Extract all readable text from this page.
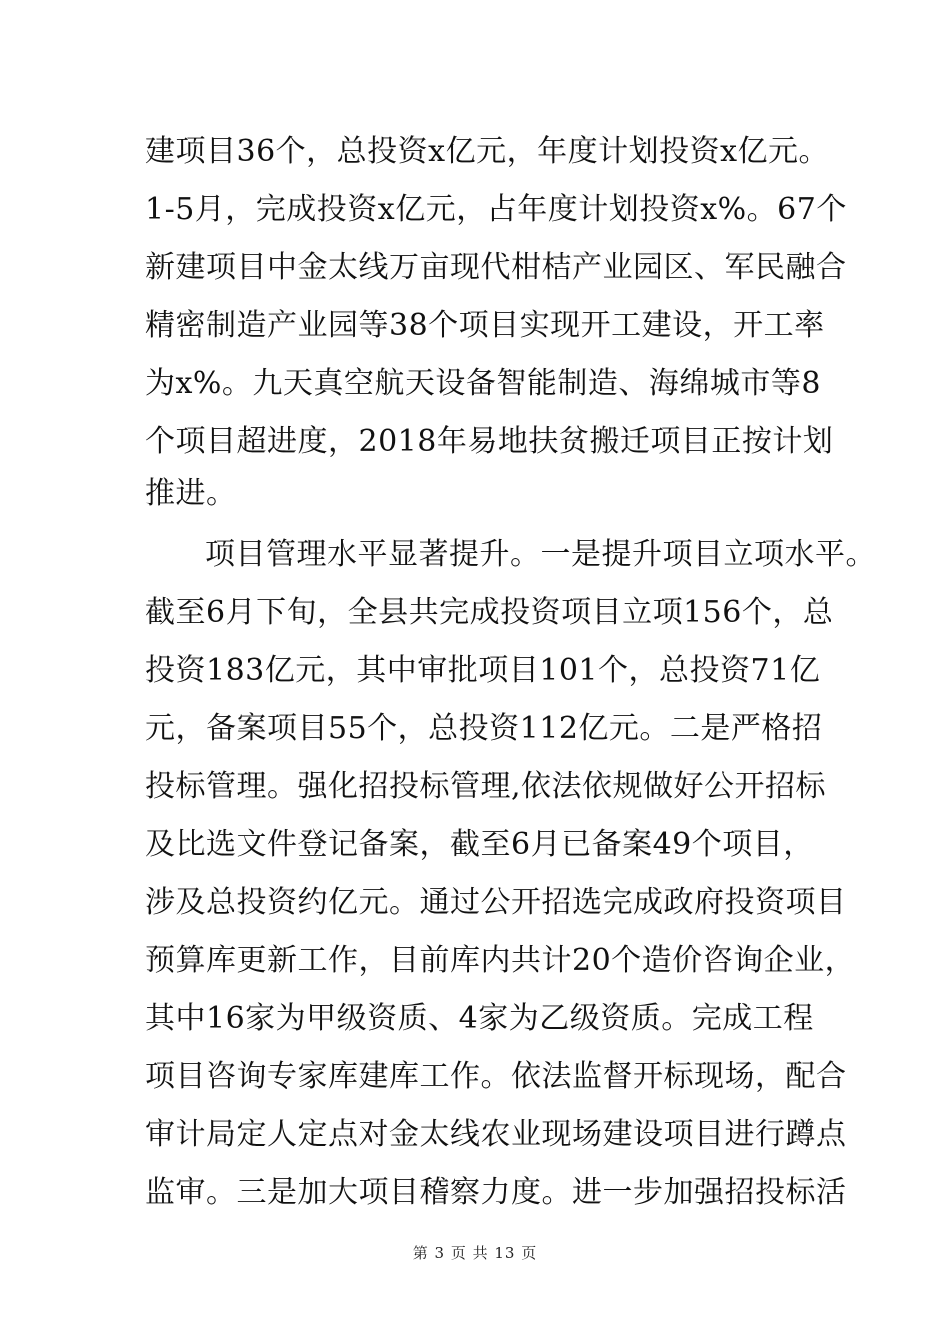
建项目36个，总投资x亿元，年度计划投资x亿元。
1-5月，完成投资x亿元，占年度计划投资x%。67个
新建项目中金太线万亩现代柑桔产业园区、军民融合
精密制造产业园等38个项目实现开工建设，开工率
为x%。九天真空航天设备智能制造、海绵城市等8
个项目超进度，2018年易地扶贫搬迁项目正按计划
推进。
项目管理水平显著提升。一是提升项目立项水平。
截至6月下旬，全县共完成投资项目立项156个，总
投资183亿元，其中审批项目101个，总投资71亿
元，备案项目55个，总投资112亿元。二是严格招
投标管理。强化招投标管理,依法依规做好公开招标
及比选文件登记备案，截至6月已备案49个项目，
涉及总投资约亿元。通过公开招选完成政府投资项目
预算库更新工作，目前库内共计20个造价咨询企业，
其中16家为甲级资质、4家为乙级资质。完成工程
项目咨询专家库建库工作。依法监督开标现场，配合
审计局定人定点对金太线农业现场建设项目进行蹲点
监审。三是加大项目稽察力度。进一步加强招投标活
第 3 页 共 13 页
